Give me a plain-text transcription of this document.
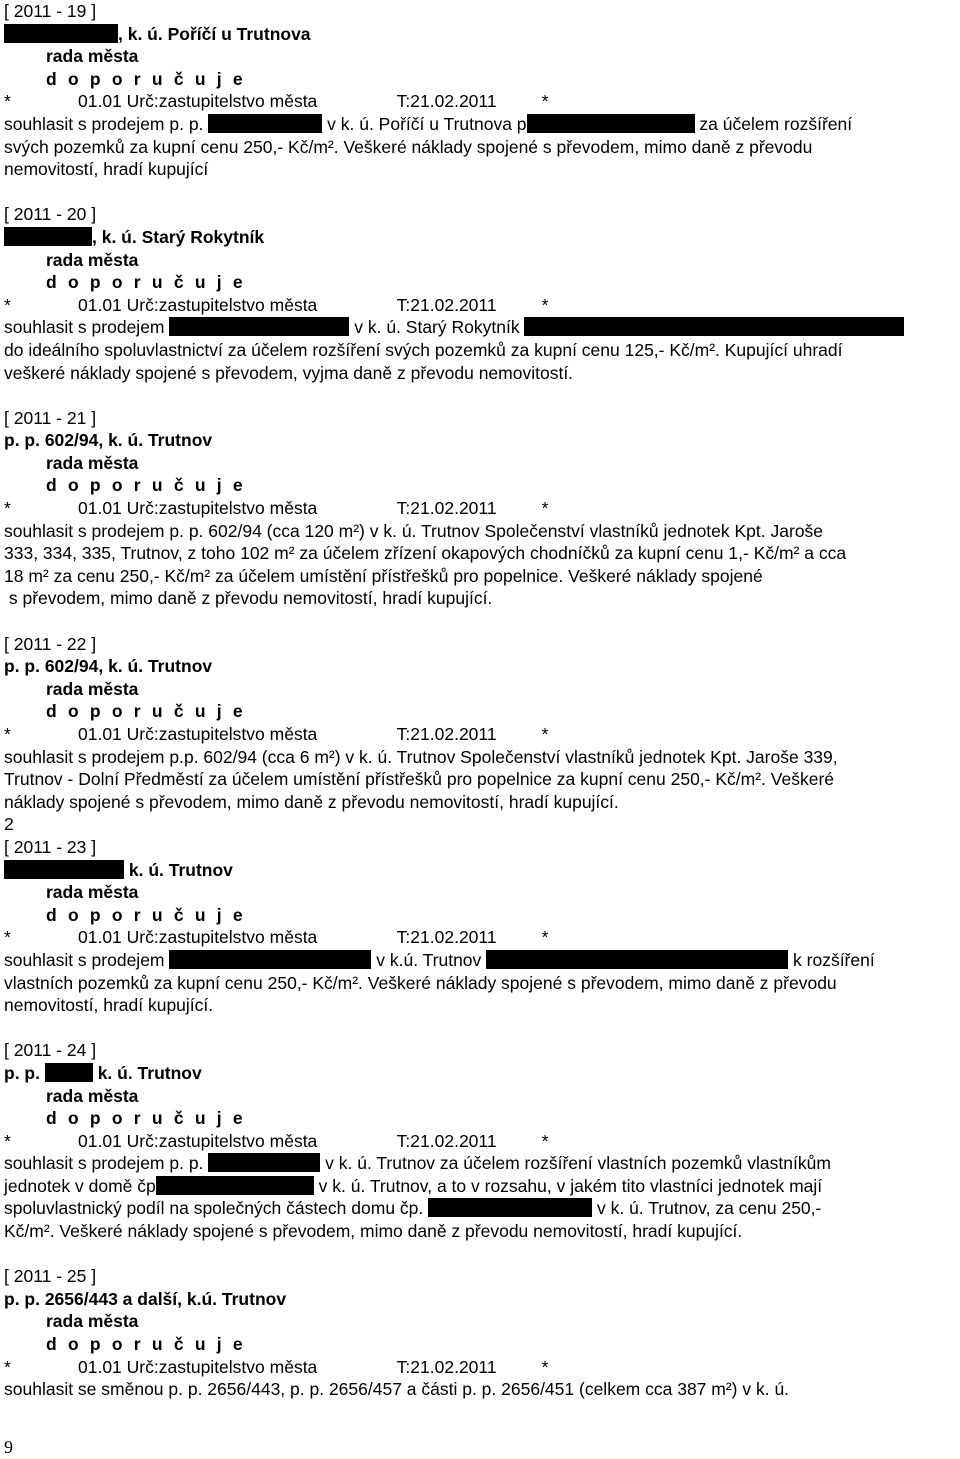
[ 2011 - 19 ]
, k. ú. Poříčí u Trutnova
rada města
d o p o r u č u j e
*	01.01 Urč:zastupitelstvo města	T:21.02.2011	*
souhlasit s prodejem p. p.	v k. ú. Poříčí u Trutnova p	za účelem rozšíření
svých pozemků za kupní cenu 250,- Kč/m². Veškeré náklady spojené s převodem, mimo daně z převodu
nemovitostí, hradí kupující
[ 2011 - 20 ]
, k. ú. Starý Rokytník
rada města
d o p o r u č u j e
*	01.01 Urč:zastupitelstvo města	T:21.02.2011	*
souhlasit s prodejem	v k. ú. Starý Rokytník
do ideálního spoluvlastnictví za účelem rozšíření svých pozemků za kupní cenu 125,- Kč/m². Kupující uhradí
veškeré náklady spojené s převodem, vyjma daně z převodu nemovitostí.
[ 2011 - 21 ]
p. p. 602/94, k. ú. Trutnov
rada města
d o p o r u č u j e
*	01.01 Urč:zastupitelstvo města	T:21.02.2011	*
souhlasit s prodejem p. p. 602/94 (cca 120 m²) v k. ú. Trutnov Společenství vlastníků jednotek Kpt. Jaroše
333, 334, 335, Trutnov, z toho 102 m² za účelem zřízení okapových chodníčků za kupní cenu 1,- Kč/m² a cca
18 m² za cenu 250,- Kč/m² za účelem umístění přístřešků pro popelnice. Veškeré náklady spojené
s převodem, mimo daně z převodu nemovitostí, hradí kupující.
[ 2011 - 22 ]
p. p. 602/94, k. ú. Trutnov
rada města
d o p o r u č u j e
*	01.01 Urč:zastupitelstvo města	T:21.02.2011	*
souhlasit s prodejem p.p. 602/94 (cca 6 m²) v k. ú. Trutnov Společenství vlastníků jednotek Kpt. Jaroše 339,
Trutnov - Dolní Předměstí za účelem umístění přístřešků pro popelnice za kupní cenu 250,- Kč/m². Veškeré
náklady spojené s převodem, mimo daně z převodu nemovitostí, hradí kupující.
2
[ 2011 - 23 ]
k. ú. Trutnov
rada města
d o p o r u č u j e
*	01.01 Urč:zastupitelstvo města	T:21.02.2011	*
souhlasit s prodejem	v k.ú. Trutnov	k rozšíření
vlastních pozemků za kupní cenu 250,- Kč/m². Veškeré náklady spojené s převodem, mimo daně z převodu
nemovitostí, hradí kupující.
[ 2011 - 24 ]
p. p.	k. ú. Trutnov
rada města
d o p o r u č u j e
*	01.01 Urč:zastupitelstvo města	T:21.02.2011	*
souhlasit s prodejem p. p.	v k. ú. Trutnov za účelem rozšíření vlastních pozemků vlastníkům
jednotek v domě čp	v k. ú. Trutnov, a to v rozsahu, v jakém tito vlastníci jednotek mají
spoluvlastnický podíl na společných částech domu čp.	v k. ú. Trutnov, za cenu 250,-
Kč/m². Veškeré náklady spojené s převodem, mimo daně z převodu nemovitostí, hradí kupující.
[ 2011 - 25 ]
p. p. 2656/443 a další, k.ú. Trutnov
rada města
d o p o r u č u j e
*	01.01 Urč:zastupitelstvo města	T:21.02.2011	*
souhlasit se směnou p. p. 2656/443, p. p. 2656/457 a části p. p. 2656/451 (celkem cca 387 m²) v k. ú.
9
